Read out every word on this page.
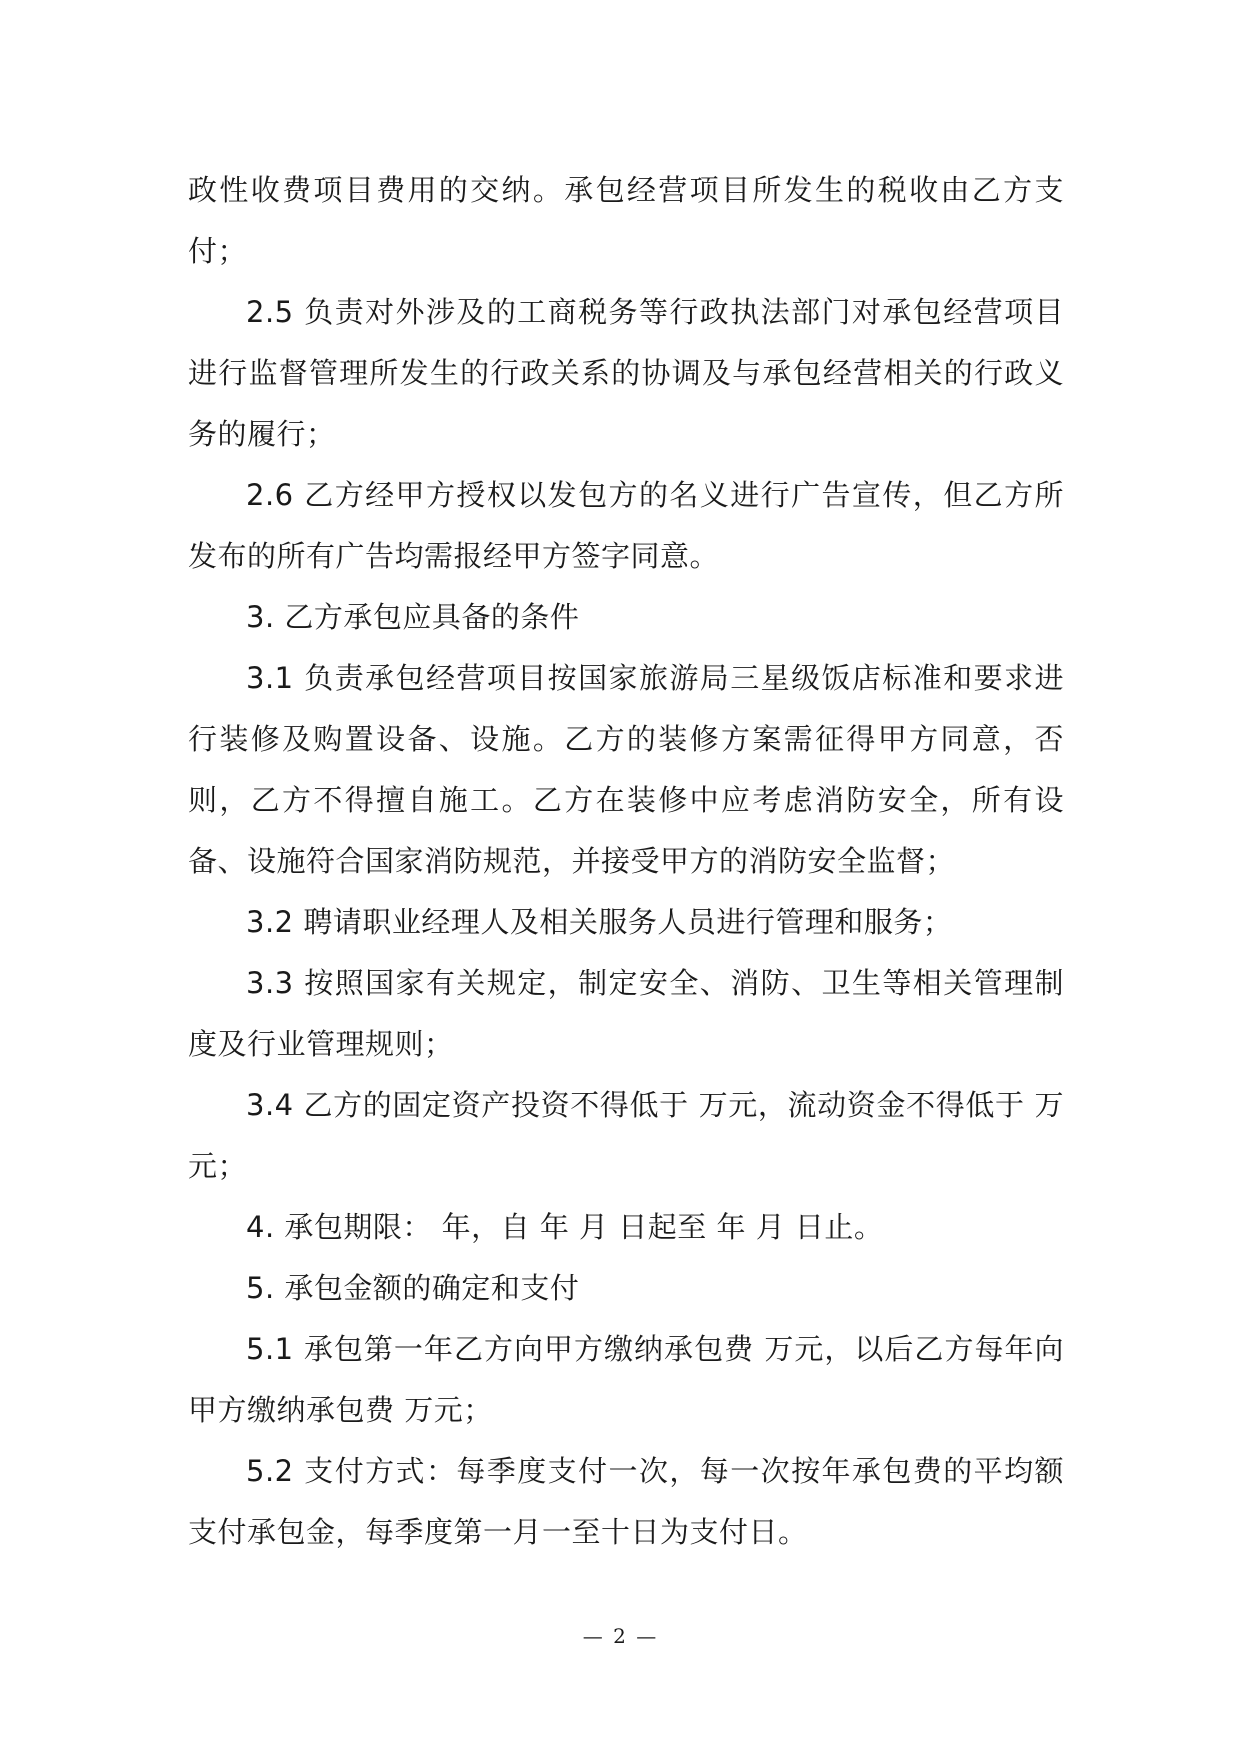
政性收费项目费用的交纳。承包经营项目所发生的税收由乙方支付；

2.5 负责对外涉及的工商税务等行政执法部门对承包经营项目进行监督管理所发生的行政关系的协调及与承包经营相关的行政义务的履行；

2.6 乙方经甲方授权以发包方的名义进行广告宣传，但乙方所发布的所有广告均需报经甲方签字同意。

3. 乙方承包应具备的条件

3.1 负责承包经营项目按国家旅游局三星级饭店标准和要求进行装修及购置设备、设施。乙方的装修方案需征得甲方同意，否则，乙方不得擅自施工。乙方在装修中应考虑消防安全，所有设备、设施符合国家消防规范，并接受甲方的消防安全监督；

3.2 聘请职业经理人及相关服务人员进行管理和服务；

3.3 按照国家有关规定，制定安全、消防、卫生等相关管理制度及行业管理规则；

3.4 乙方的固定资产投资不得低于 万元，流动资金不得低于 万元；

4. 承包期限： 年，自 年 月 日起至 年 月 日止。

5. 承包金额的确定和支付

5.1 承包第一年乙方向甲方缴纳承包费 万元，以后乙方每年向甲方缴纳承包费 万元；

5.2 支付方式：每季度支付一次，每一次按年承包费的平均额支付承包金，每季度第一月一至十日为支付日。

— 2 —
